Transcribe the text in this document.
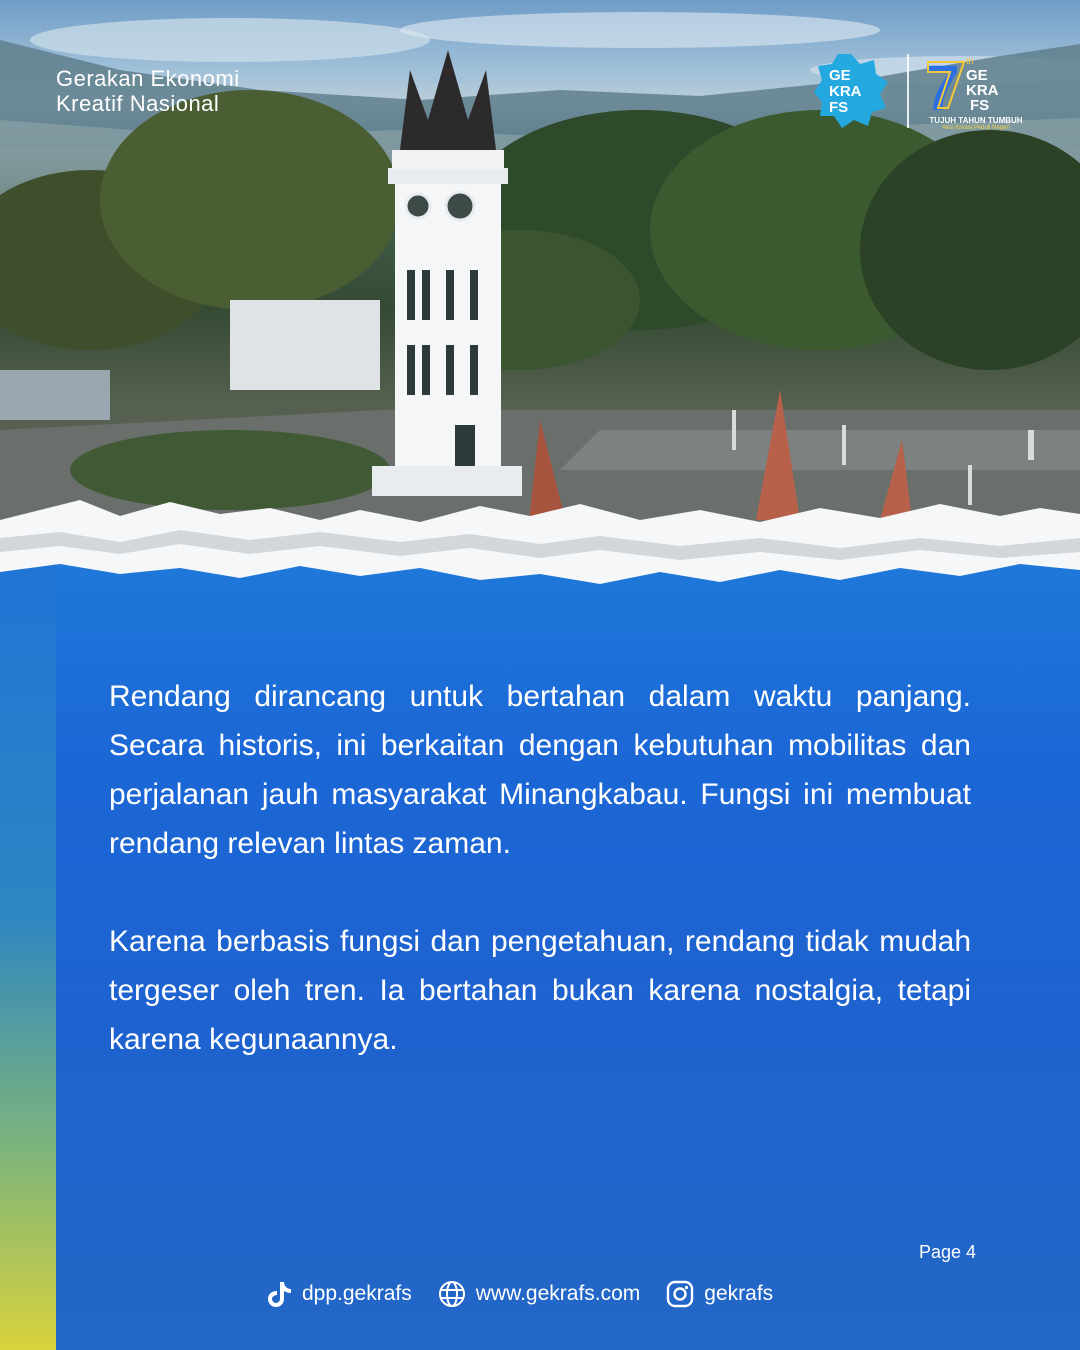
Gerakan Ekonomi
Kreatif Nasional
GE
KRA
FS 7 th
GE
KRA
FS
TUJUH TAHUN TUMBUH
Aksi Kreasi Peduli Negeri

Rendang dirancang untuk bertahan dalam waktu panjang. Secara historis, ini berkaitan dengan kebutuhan mobilitas dan perjalanan jauh masyarakat Minangkabau. Fungsi ini membuat rendang relevan lintas zaman.

Karena berbasis fungsi dan pengetahuan, rendang tidak mudah tergeser oleh tren. Ia bertahan bukan karena nostalgia, tetapi karena kegunaannya.

Page 4
dpp.gekrafs	www.gekrafs.com	gekrafs
